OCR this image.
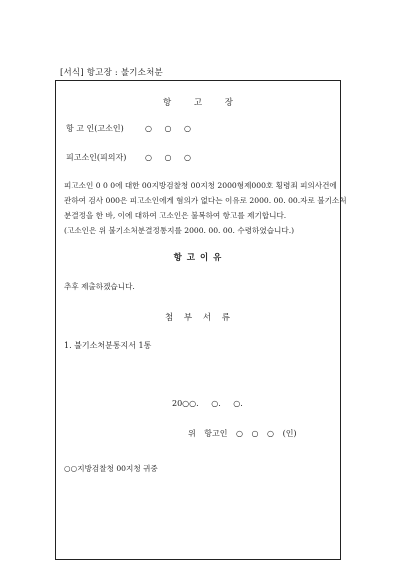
[서식] 항고장 : 불기소처분
항 고 장
항 고 인(고소인)	○ ○ ○
피고소인(피의자) ○ ○ ○
피고소인 0 0 0에 대한 00지방검찰청 00지청 2000형제000호 횡령죄 피의사건에
관하여 검사 000은 피고소인에게 혐의가 없다는 이유로 2000. 00. 00.자로 불기소처
분결정을 한 바, 이에 대하여 고소인은 불복하여 항고를 제기합니다.
(고소인은 위 불기소처분결정통지를 2000. 00. 00. 수령하였습니다.)
항 고 이 유
추후 제출하겠습니다.
첨 부 서 류
1. 불기소처분통지서 1통
20○○. ○. ○.
위 항고인 ○ ○ ○ (인)
○○지방검찰청 00지청 귀중
